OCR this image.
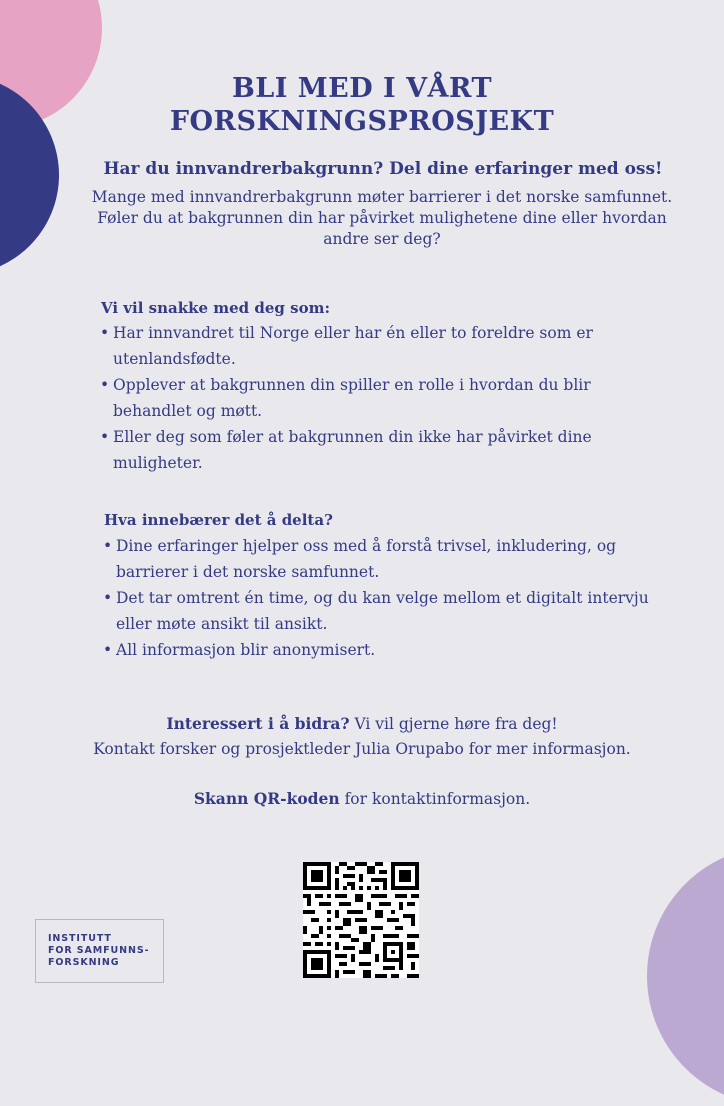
BLI MED I VÅRT
FORSKNINGSPROSJEKT

Har du innvandrerbakgrunn? Del dine erfaringer med oss!

Mange med innvandrerbakgrunn møter barrierer i det norske samfunnet. Føler du at bakgrunnen din har påvirket mulighetene dine eller hvordan andre ser deg?

Vi vil snakke med deg som:

• Har innvandret til Norge eller har én eller to foreldre som er
utenlandsfødte.
• Opplever at bakgrunnen din spiller en rolle i hvordan du blir
behandlet og møtt.
• Eller deg som føler at bakgrunnen din ikke har påvirket dine
muligheter.

Hva innebærer det å delta?

• Dine erfaringer hjelper oss med å forstå trivsel, inkludering, og
barrierer i det norske samfunnet.
• Det tar omtrent én time, og du kan velge mellom et digitalt intervju
eller møte ansikt til ansikt.
• All informasjon blir anonymisert.

Interessert i å bidra? Vi vil gjerne høre fra deg!

Kontakt forsker og prosjektleder Julia Orupabo for mer informasjon.

Skann QR-koden for kontaktinformasjon.

INSTITUTT
FOR SAMFUNNS-
FORSKNING
